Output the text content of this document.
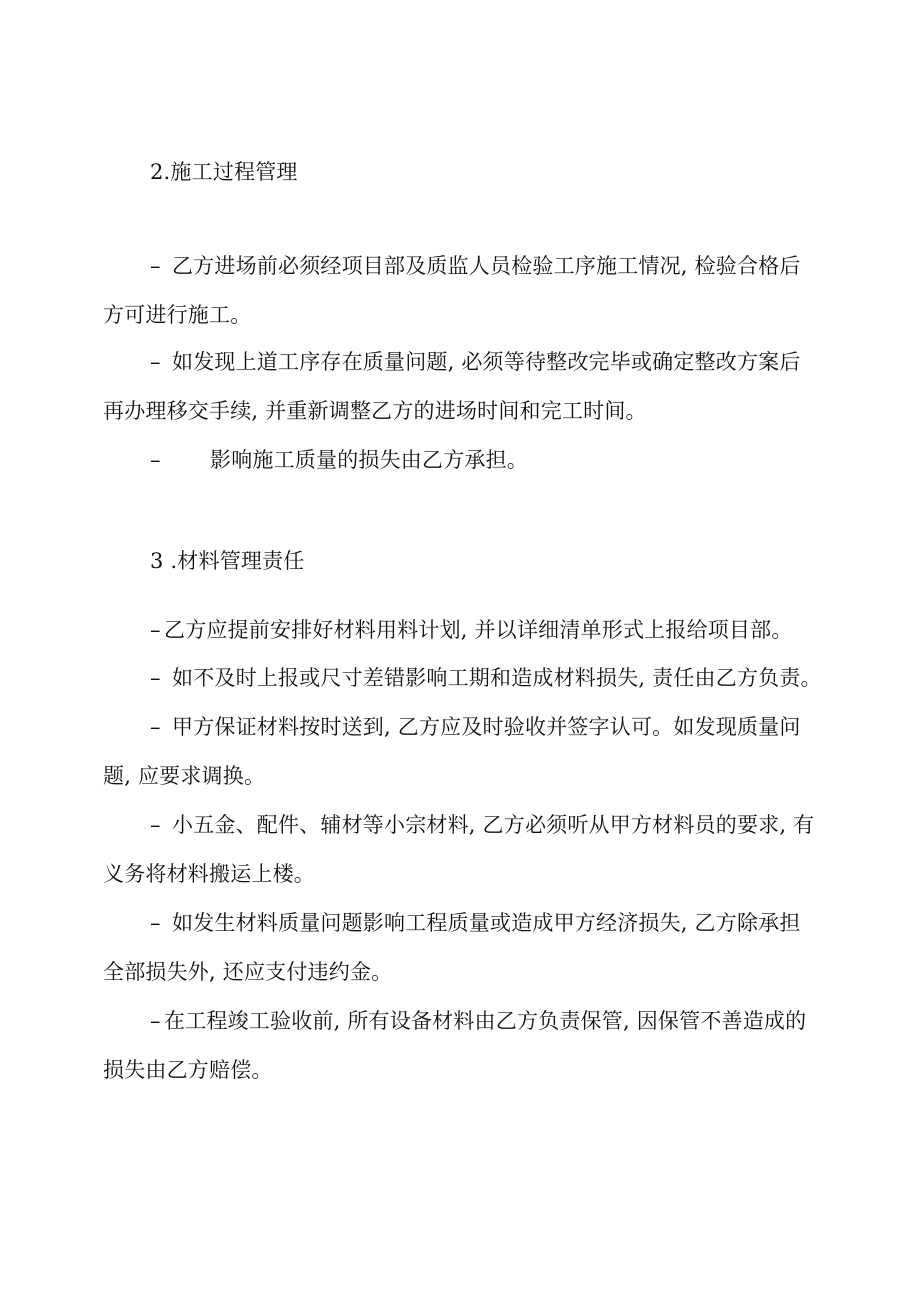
2.施工过程管理
– 乙方进场前必须经项目部及质监人员检验工序施工情况, 检验合格后
方可进行施工。
– 如发现上道工序存在质量问题, 必须等待整改完毕或确定整改方案后
再办理移交手续, 并重新调整乙方的进场时间和完工时间。
– 影响施工质量的损失由乙方承担。
3 .材料管理责任
– 乙方应提前安排好材料用料计划, 并以详细清单形式上报给项目部。
– 如不及时上报或尺寸差错影响工期和造成材料损失, 责任由乙方负责。
– 甲方保证材料按时送到, 乙方应及时验收并签字认可。如发现质量问
题, 应要求调换。
– 小五金、配件、辅材等小宗材料, 乙方必须听从甲方材料员的要求, 有
义务将材料搬运上楼。
– 如发生材料质量问题影响工程质量或造成甲方经济损失, 乙方除承担
全部损失外, 还应支付违约金。
– 在工程竣工验收前, 所有设备材料由乙方负责保管, 因保管不善造成的
损失由乙方赔偿。
